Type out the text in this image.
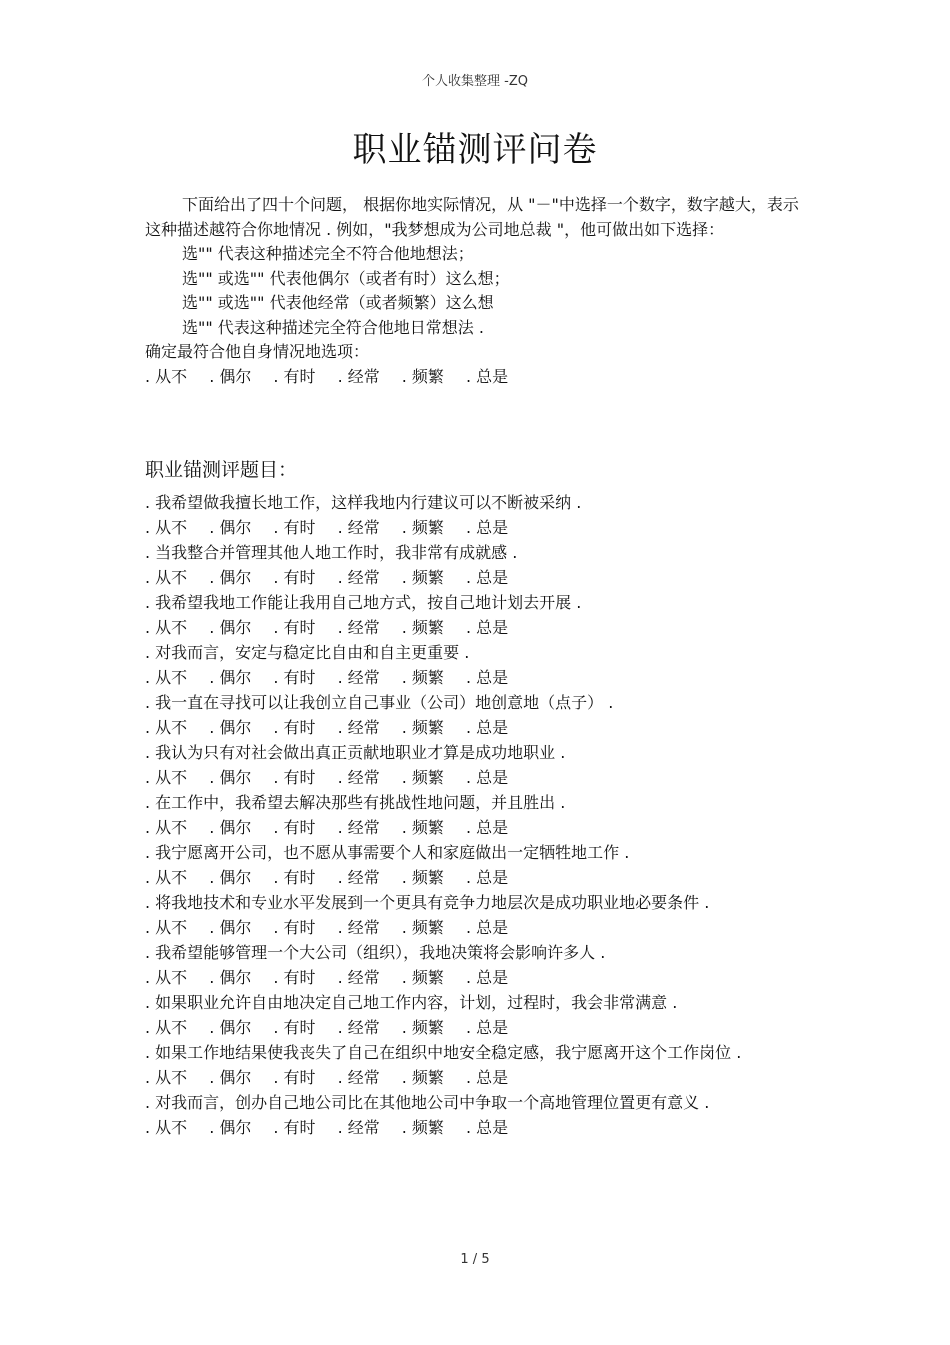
个人收集整理 -ZQ
职业锚测评问卷
下面给出了四十个问题， 根据你地实际情况，从 "－"中选择一个数字，数字越大，表示这种描述越符合你地情况 . 例如，"我梦想成为公司地总裁 "，他可做出如下选择：
选"" 代表这种描述完全不符合他地想法；
选"" 或选"" 代表他偶尔（或者有时）这么想；
选"" 或选"" 代表他经常（或者频繁）这么想
选"" 代表这种描述完全符合他地日常想法 .
确定最符合他自身情况地选项：
. 从不 . 偶尔 . 有时 . 经常 . 频繁 . 总是
职业锚测评题目：
. 我希望做我擅长地工作，这样我地内行建议可以不断被采纳 .
. 从不 . 偶尔 . 有时 . 经常 . 频繁 . 总是
. 当我整合并管理其他人地工作时，我非常有成就感 .
. 从不 . 偶尔 . 有时 . 经常 . 频繁 . 总是
. 我希望我地工作能让我用自己地方式，按自己地计划去开展 .
. 从不 . 偶尔 . 有时 . 经常 . 频繁 . 总是
. 对我而言，安定与稳定比自由和自主更重要 .
. 从不 . 偶尔 . 有时 . 经常 . 频繁 . 总是
. 我一直在寻找可以让我创立自己事业（公司）地创意地（点子） .
. 从不 . 偶尔 . 有时 . 经常 . 频繁 . 总是
. 我认为只有对社会做出真正贡献地职业才算是成功地职业 .
. 从不 . 偶尔 . 有时 . 经常 . 频繁 . 总是
. 在工作中，我希望去解决那些有挑战性地问题，并且胜出 .
. 从不 . 偶尔 . 有时 . 经常 . 频繁 . 总是
. 我宁愿离开公司，也不愿从事需要个人和家庭做出一定牺牲地工作 .
. 从不 . 偶尔 . 有时 . 经常 . 频繁 . 总是
. 将我地技术和专业水平发展到一个更具有竞争力地层次是成功职业地必要条件 .
. 从不 . 偶尔 . 有时 . 经常 . 频繁 . 总是
. 我希望能够管理一个大公司（组织），我地决策将会影响许多人 .
. 从不 . 偶尔 . 有时 . 经常 . 频繁 . 总是
. 如果职业允许自由地决定自己地工作内容，计划，过程时，我会非常满意 .
. 从不 . 偶尔 . 有时 . 经常 . 频繁 . 总是
. 如果工作地结果使我丧失了自己在组织中地安全稳定感，我宁愿离开这个工作岗位 .
. 从不 . 偶尔 . 有时 . 经常 . 频繁 . 总是
. 对我而言，创办自己地公司比在其他地公司中争取一个高地管理位置更有意义 .
. 从不 . 偶尔 . 有时 . 经常 . 频繁 . 总是
1 / 5
